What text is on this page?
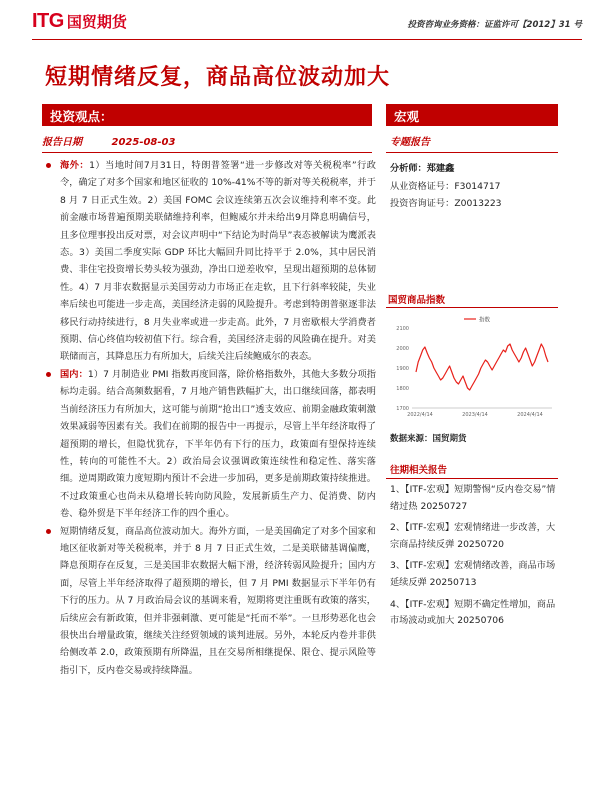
ITG 国贸期货	投资咨询业务资格：证监许可【2012】31 号
短期情绪反复，商品高位波动加大
投资观点：
报告日期	2025-08-03
海外：1）当地时间7月31日，特朗普签署“进一步修改对等关税税率”行政令，确定了对多个国家和地区征收的 10%-41%不等的新对等关税税率，并于 8 月 7 日正式生效。2）美国 FOMC 会议连续第五次会议维持利率不变。此前金融市场普遍预期美联储维持利率，但鲍威尔并未给出9月降息明确信号，且多位理事投出反对票，对会议声明中“下结论为时尚早”表态被解读为鹰派表态。3）美国二季度实际 GDP 环比大幅回升同比持平于 2.0%，其中居民消费、非住宅投资增长势头较为强劲，净出口逆差收窄，呈现出超预期的总体韧性。4）7 月非农数据显示美国劳动力市场正在走软，且下行斜率较陡，失业率后续也可能进一步走高，美国经济走弱的风险提升。考虑到特朗普驱逐非法移民行动持续进行，8 月失业率或进一步走高。此外，7 月密歇根大学消费者预期、信心终值均较初值下行。综合看，美国经济走弱的风险确在提升。对美联储而言，其降息压力有所加大，后续关注后续鲍威尔的表态。
国内：1）7 月制造业 PMI 指数再度回落，除价格指数外，其他大多数分项指标均走弱。结合高频数据看，7 月地产销售跌幅扩大，出口继续回落，都表明当前经济压力有所加大，这可能与前期“抢出口”透支效应、前期金融政策刺激效果减弱等因素有关。我们在前期的报告中一再提示，尽管上半年经济取得了超预期的增长，但隐忧犹存，下半年仍有下行的压力，政策面有望保持连续性，转向的可能性不大。2）政治局会议强调政策连续性和稳定性、落实落细。逆周期政策力度短期内预计不会进一步加码，更多是前期政策持续推进。不过政策重心也尚未从稳增长转向防风险，发展新质生产力、促消费、防内卷、稳外贸是下半年经济工作的四个重心。
短期情绪反复，商品高位波动加大。海外方面，一是美国确定了对多个国家和地区征收新对等关税税率，并于 8 月 7 日正式生效，二是美联储基调偏鹰，降息预期存在反复，三是美国非农数据大幅下滑，经济转弱风险提升；国内方面，尽管上半年经济取得了超预期的增长，但 7 月 PMI 数据显示下半年仍有下行的压力。从 7 月政治局会议的基调来看，短期将更注重既有政策的落实，后续应会有新政策，但并非强刺激、更可能是“托而不举”。一旦形势恶化也会很快出台增量政策，继续关注经贸领域的谈判进展。另外，本轮反内卷并非供给侧改革 2.0，政策预期有所降温，且在交易所相继提保、限仓、提示风险等指引下，反内卷交易或持续降温。
宏观
专题报告
分析师：郑建鑫
从业资格证号：F3014717
投资咨询证号：Z0013223
国贸商品指数
指数
1700
1800
1900
2000
2100
2022/4/14	2023/4/14	2024/4/14
数据来源：国贸期货
往期相关报告
1、【ITF-宏观】短期警惕“反内卷交易”情绪过热 20250727
2、【ITF-宏观】宏观情绪进一步改善，大宗商品持续反弹 20250720
3、【ITF-宏观】宏观情绪改善，商品市场延续反弹 20250713
4、【ITF-宏观】短期不确定性增加，商品市场波动或加大 20250706
